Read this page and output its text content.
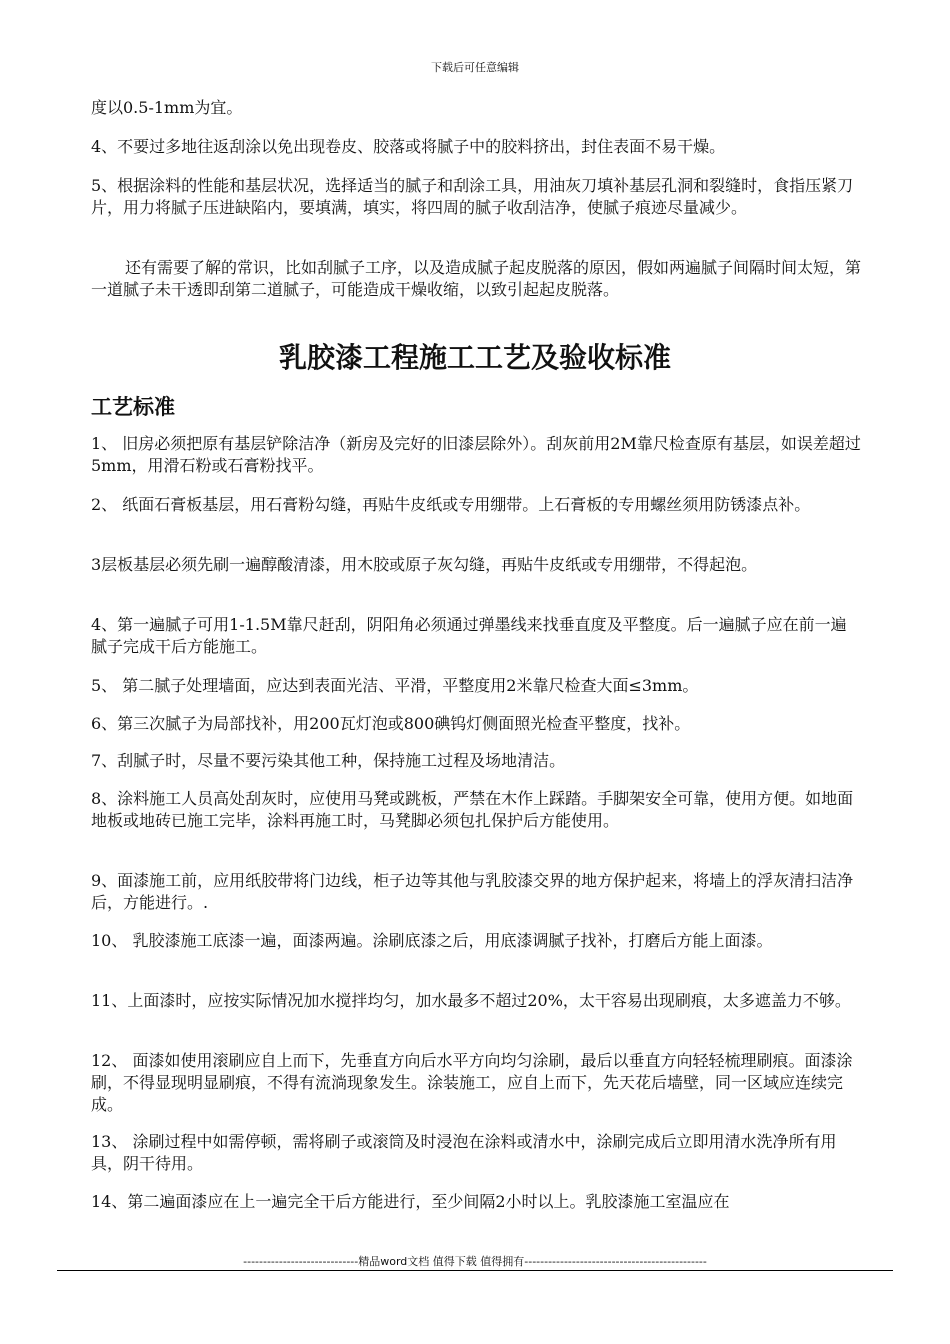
下载后可任意编辑

度以0.5-1mm为宜。

4、不要过多地往返刮涂以免出现卷皮、胶落或将腻子中的胶料挤出，封住表面不易干燥。

5、根据涂料的性能和基层状况，选择适当的腻子和刮涂工具，用油灰刀填补基层孔洞和裂缝时，食指压紧刀片，用力将腻子压进缺陷内，要填满，填实，将四周的腻子收刮洁净，使腻子痕迹尽量减少。

还有需要了解的常识，比如刮腻子工序，以及造成腻子起皮脱落的原因，假如两遍腻子间隔时间太短，第一道腻子未干透即刮第二道腻子，可能造成干燥收缩，以致引起起皮脱落。

乳胶漆工程施工工艺及验收标准
工艺标准

1、 旧房必须把原有基层铲除洁净（新房及完好的旧漆层除外）。刮灰前用2M靠尺检查原有基层，如误差超过5mm，用滑石粉或石膏粉找平。

2、 纸面石膏板基层，用石膏粉勾缝，再贴牛皮纸或专用绷带。上石膏板的专用螺丝须用防锈漆点补。

3层板基层必须先刷一遍醇酸清漆，用木胶或原子灰勾缝，再贴牛皮纸或专用绷带，不得起泡。

4、第一遍腻子可用1-1.5M靠尺赶刮，阴阳角必须通过弹墨线来找垂直度及平整度。后一遍腻子应在前一遍腻子完成干后方能施工。

5、 第二腻子处理墙面，应达到表面光洁、平滑，平整度用2米靠尺检查大面≤3mm。

6、第三次腻子为局部找补，用200瓦灯泡或800碘钨灯侧面照光检查平整度，找补。

7、刮腻子时，尽量不要污染其他工种，保持施工过程及场地清洁。

8、涂料施工人员高处刮灰时，应使用马凳或跳板，严禁在木作上踩踏。手脚架安全可靠，使用方便。如地面地板或地砖已施工完毕，涂料再施工时，马凳脚必须包扎保护后方能使用。

9、面漆施工前，应用纸胶带将门边线，柜子边等其他与乳胶漆交界的地方保护起来，将墙上的浮灰清扫洁净后，方能进行。.

10、 乳胶漆施工底漆一遍，面漆两遍。涂刷底漆之后，用底漆调腻子找补，打磨后方能上面漆。

11、上面漆时，应按实际情况加水搅拌均匀，加水最多不超过20%，太干容易出现刷痕，太多遮盖力不够。

12、 面漆如使用滚刷应自上而下，先垂直方向后水平方向均匀涂刷，最后以垂直方向轻轻梳理刷痕。面漆涂刷，不得显现明显刷痕，不得有流淌现象发生。涂装施工，应自上而下，先天花后墙壁，同一区域应连续完成。

13、 涂刷过程中如需停顿，需将刷子或滚筒及时浸泡在涂料或清水中，涂刷完成后立即用清水洗净所有用具，阴干待用。

14、第二遍面漆应在上一遍完全干后方能进行，至少间隔2小时以上。乳胶漆施工室温应在

-----------------------------精品word文档 值得下载 值得拥有----------------------------------------------
